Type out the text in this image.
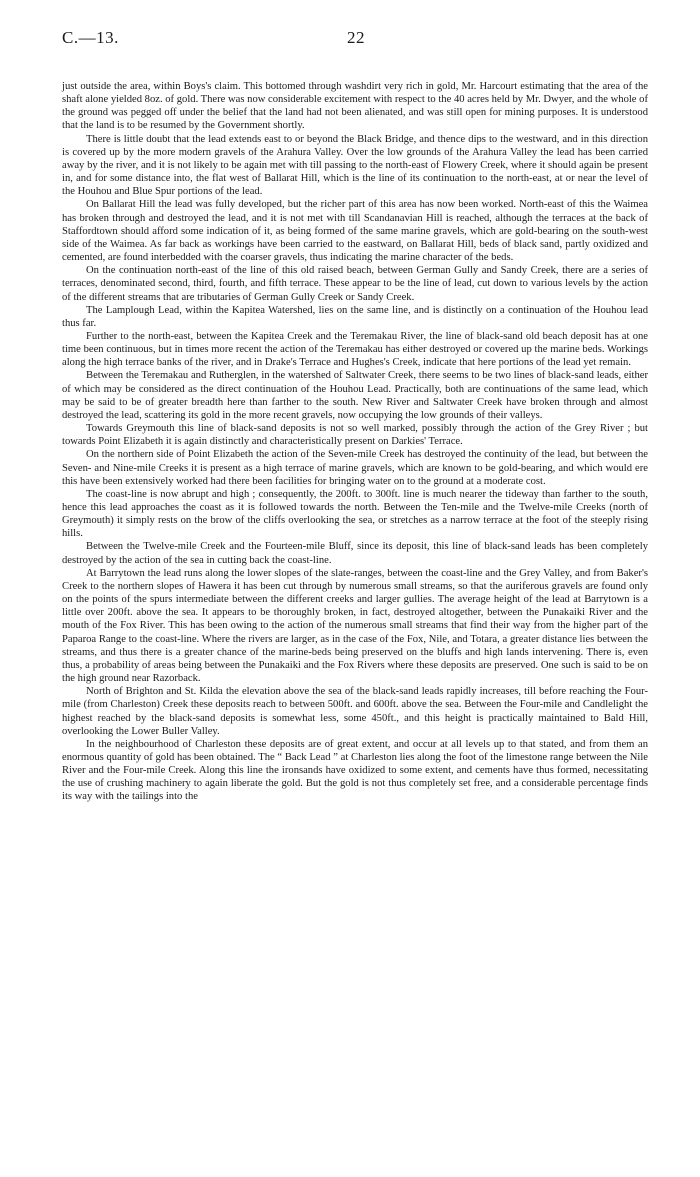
C.—13.	22

just outside the area, within Boys's claim. This bottomed through washdirt very rich in gold, Mr. Harcourt estimating that the area of the shaft alone yielded 8oz. of gold. There was now considerable excitement with respect to the 40 acres held by Mr. Dwyer, and the whole of the ground was pegged off under the belief that the land had not been alienated, and was still open for mining purposes. It is understood that the land is to be resumed by the Government shortly.

There is little doubt that the lead extends east to or beyond the Black Bridge, and thence dips to the westward, and in this direction is covered up by the more modern gravels of the Arahura Valley. Over the low grounds of the Arahura Valley the lead has been carried away by the river, and it is not likely to be again met with till passing to the north-east of Flowery Creek, where it should again be present in, and for some distance into, the flat west of Ballarat Hill, which is the line of its continuation to the north-east, at or near the level of the Houhou and Blue Spur portions of the lead.

On Ballarat Hill the lead was fully developed, but the richer part of this area has now been worked. North-east of this the Waimea has broken through and destroyed the lead, and it is not met with till Scandanavian Hill is reached, although the terraces at the back of Staffordtown should afford some indication of it, as being formed of the same marine gravels, which are gold-bearing on the south-west side of the Waimea. As far back as workings have been carried to the eastward, on Ballarat Hill, beds of black sand, partly oxidized and cemented, are found interbedded with the coarser gravels, thus indicating the marine character of the beds.

On the continuation north-east of the line of this old raised beach, between German Gully and Sandy Creek, there are a series of terraces, denominated second, third, fourth, and fifth terrace. These appear to be the line of lead, cut down to various levels by the action of the different streams that are tributaries of German Gully Creek or Sandy Creek.

The Lamplough Lead, within the Kapitea Watershed, lies on the same line, and is distinctly on a continuation of the Houhou lead thus far.

Further to the north-east, between the Kapitea Creek and the Teremakau River, the line of black-sand old beach deposit has at one time been continuous, but in times more recent the action of the Teremakau has either destroyed or covered up the marine beds. Workings along the high terrace banks of the river, and in Drake's Terrace and Hughes's Creek, indicate that here portions of the lead yet remain.

Between the Teremakau and Rutherglen, in the watershed of Saltwater Creek, there seems to be two lines of black-sand leads, either of which may be considered as the direct continuation of the Houhou Lead. Practically, both are continuations of the same lead, which may be said to be of greater breadth here than farther to the south. New River and Saltwater Creek have broken through and almost destroyed the lead, scattering its gold in the more recent gravels, now occupying the low grounds of their valleys.

Towards Greymouth this line of black-sand deposits is not so well marked, possibly through the action of the Grey River ; but towards Point Elizabeth it is again distinctly and characteristically present on Darkies' Terrace.

On the northern side of Point Elizabeth the action of the Seven-mile Creek has destroyed the continuity of the lead, but between the Seven- and Nine-mile Creeks it is present as a high terrace of marine gravels, which are known to be gold-bearing, and which would ere this have been extensively worked had there been facilities for bringing water on to the ground at a moderate cost.

The coast-line is now abrupt and high ; consequently, the 200ft. to 300ft. line is much nearer the tideway than farther to the south, hence this lead approaches the coast as it is followed towards the north. Between the Ten-mile and the Twelve-mile Creeks (north of Greymouth) it simply rests on the brow of the cliffs overlooking the sea, or stretches as a narrow terrace at the foot of the steeply rising hills.

Between the Twelve-mile Creek and the Fourteen-mile Bluff, since its deposit, this line of black-sand leads has been completely destroyed by the action of the sea in cutting back the coast-line.

At Barrytown the lead runs along the lower slopes of the slate-ranges, between the coast-line and the Grey Valley, and from Baker's Creek to the northern slopes of Hawera it has been cut through by numerous small streams, so that the auriferous gravels are found only on the points of the spurs intermediate between the different creeks and larger gullies. The average height of the lead at Barrytown is a little over 200ft. above the sea. It appears to be thoroughly broken, in fact, destroyed altogether, between the Punakaiki River and the mouth of the Fox River. This has been owing to the action of the numerous small streams that find their way from the higher part of the Paparoa Range to the coast-line. Where the rivers are larger, as in the case of the Fox, Nile, and Totara, a greater distance lies between the streams, and thus there is a greater chance of the marine-beds being preserved on the bluffs and high lands intervening. There is, even thus, a probability of areas being between the Punakaiki and the Fox Rivers where these deposits are preserved. One such is said to be on the high ground near Razorback.

North of Brighton and St. Kilda the elevation above the sea of the black-sand leads rapidly increases, till before reaching the Four-mile (from Charleston) Creek these deposits reach to between 500ft. and 600ft. above the sea. Between the Four-mile and Candlelight the highest reached by the black-sand deposits is somewhat less, some 450ft., and this height is practically maintained to Bald Hill, overlooking the Lower Buller Valley.

In the neighbourhood of Charleston these deposits are of great extent, and occur at all levels up to that stated, and from them an enormous quantity of gold has been obtained. The “ Back Lead ” at Charleston lies along the foot of the limestone range between the Nile River and the Four-mile Creek. Along this line the ironsands have oxidized to some extent, and cements have thus formed, necessitating the use of crushing machinery to again liberate the gold. But the gold is not thus completely set free, and a considerable percentage finds its way with the tailings into the
